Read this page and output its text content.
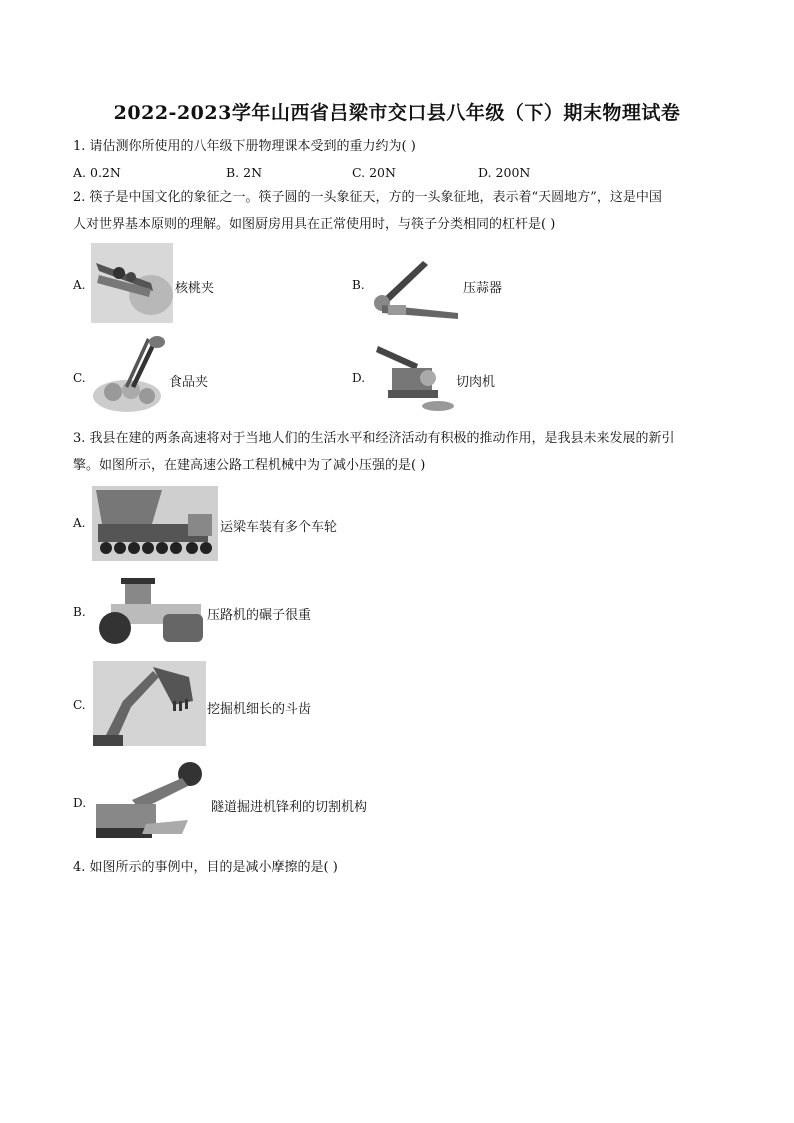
2022-2023学年山西省吕梁市交口县八年级（下）期末物理试卷
1. 请估测你所使用的八年级下册物理课本受到的重力约为( )
A. 0.2N	B. 2N	C. 20N	D. 200N
2. 筷子是中国文化的象征之一。筷子圆的一头象征天，方的一头象征地，表示着“天圆地方”，这是中国
人对世界基本原则的理解。如图厨房用具在正常使用时，与筷子分类相同的杠杆是( )
A.	核桃夹	B.	压蒜器
C.	食品夹	D.	切肉机
3. 我县在建的两条高速将对于当地人们的生活水平和经济活动有积极的推动作用，是我县未来发展的新引
擎。如图所示，在建高速公路工程机械中为了减小压强的是( )
A.	运梁车装有多个车轮
B.	压路机的碾子很重
C.	挖掘机细长的斗齿
D.	隧道掘进机锋利的切割机构
4. 如图所示的事例中，目的是减小摩擦的是( )
